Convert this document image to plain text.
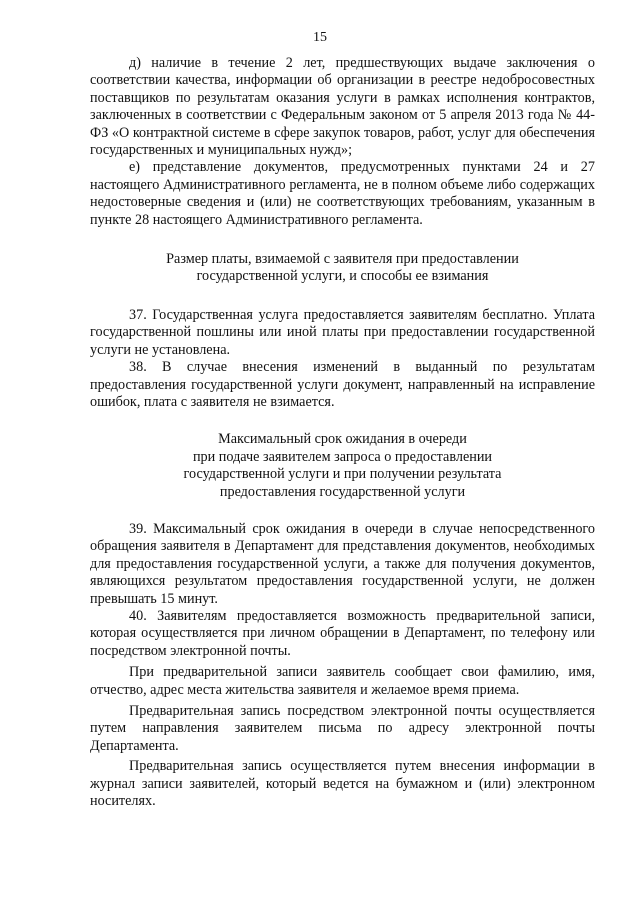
15

д) наличие в течение 2 лет, предшествующих выдаче заключения о соответствии качества, информации об организации в реестре недобросовестных поставщиков по результатам оказания услуги в рамках исполнения контрактов, заключенных в соответствии с Федеральным законом от 5 апреля 2013 года № 44-ФЗ «О контрактной системе в сфере закупок товаров, работ, услуг для обеспечения государственных и муниципальных нужд»;

е) представление документов, предусмотренных пунктами 24 и 27 настоящего Административного регламента, не в полном объеме либо содержащих недостоверные сведения и (или) не соответствующих требованиям, указанным в пункте 28 настоящего Административного регламента.

Размер платы, взимаемой с заявителя при предоставлении

государственной услуги, и способы ее взимания

37. Государственная услуга предоставляется заявителям бесплатно. Уплата государственной пошлины или иной платы при предоставлении государственной услуги не установлена.

38. В случае внесения изменений в выданный по результатам предоставления государственной услуги документ, направленный на исправление ошибок, плата с заявителя не взимается.

Максимальный срок ожидания в очереди

при подаче заявителем запроса о предоставлении

государственной услуги и при получении результата

предоставления государственной услуги

39. Максимальный срок ожидания в очереди в случае непосредственного обращения заявителя в Департамент для представления документов, необходимых для предоставления государственной услуги, а также для получения документов, являющихся результатом предоставления государственной услуги, не должен превышать 15 минут.

40. Заявителям предоставляется возможность предварительной записи, которая осуществляется при личном обращении в Департамент, по телефону или посредством электронной почты.

При предварительной записи заявитель сообщает свои фамилию, имя, отчество, адрес места жительства заявителя и желаемое время приема.

Предварительная запись посредством электронной почты осуществляется путем направления заявителем письма по адресу электронной почты Департамента.

Предварительная запись осуществляется путем внесения информации в журнал записи заявителей, который ведется на бумажном и (или) электронном носителях.
